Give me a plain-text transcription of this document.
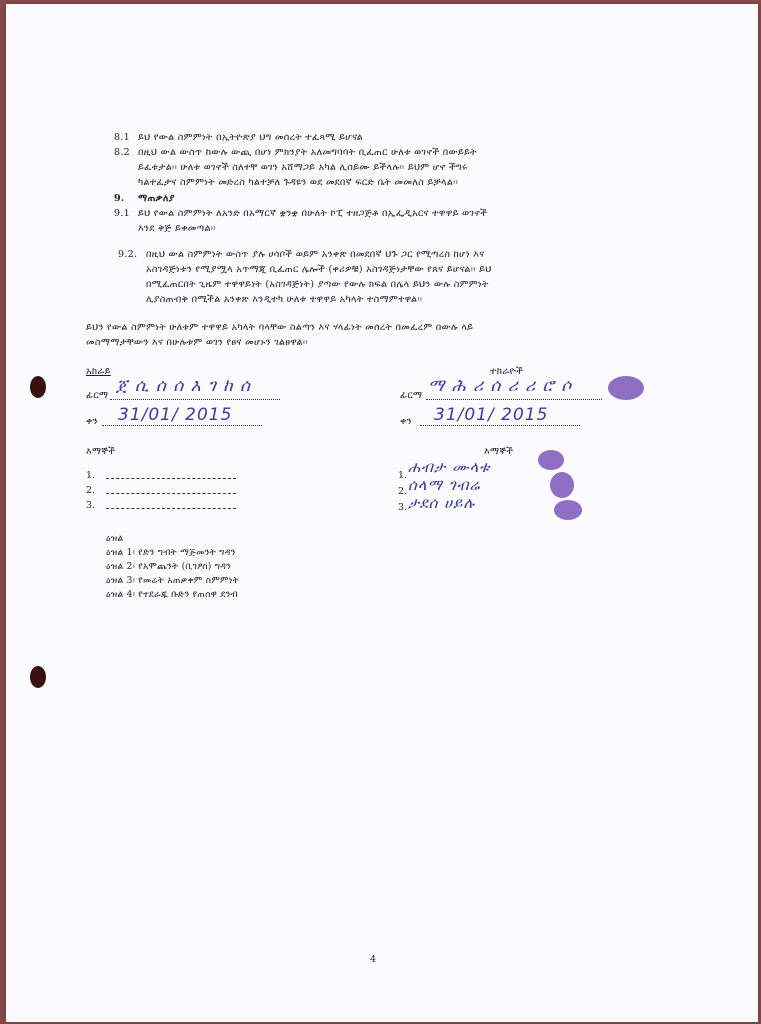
8.1 ይህ የውል ስምምነት በኢትዮጵያ ህግ መሰረት ተፈጻሚ ይሆናል
8.2 በዚህ ውል ውስጥ ከውሉ ውጪ በሆነ ምክንያት አለመግባባት ቢፈጠር ሁለቱ ወገኖች በውይይት
ይፈቱታል፡፡ ሁለቱ ወገኖች ስለተቸ ወገን አሸማጋይ አካል ሊሰይሙ ይችላሉ፡፡ ይህም ሆኖ ችግሩ
ካልተፈታና ስምምነት መድረስ ካልተቻለ ጉዳዩን ወደ መደበኛ ፍርድ ቤት መመለስ ይቻላል፡፡
9. ማጠቃለያ
9.1 ይህ የውል ስምምነት ለአንድ በአማርኛ ቋንቋ በሁለት ኮፒ ተዘጋጅቶ በኢፌዲአርና ተዋዋይ ወገኖች
እንደ ቅጅ ይቀመጣል፡፡
9.2. በዚህ ውል ስምምነት ውስጥ ያሉ ሀሳቦች ወይም አንቀጽ በመደበኛ ህጉ ጋር የሚጣረስ ከሆነ እና
አስገዳጅነቱን የሚያሟላ አጥማጂ ቢፈጠር ሌሎች (ቀሪዎቹ) አስገዳጅነታቸው የጸና ይሆናል፡፡ ይህ
በሚፈጠርበት ጊዜም ተዋዋይነት (አስገዳጅነት) ያጣው የውሉ ክፍል በሌላ ይህን ውሉ ስምምነት
ሊያስጠብቅ በሚችል አንቀጽ እንዲተካ ሁለቱ ተዋዋይ አካላት ተስማምተዋል፡፡
ይህን የውል ስምምነት ሁለቱም ተዋዋይ አካላት ባላቸው ስልጣን እና ሃላፊነት መሰረት በመፈረም በውሉ ላይ
መስማማታቸውን እና በሁሉቱም ወገን የፀና መሆኑን ገልፀዋል፡፡
አከራይ
ፊርማ ጀ ሲ ሰ ሰ እ ገ ከ ሰ
ቀን 31/01/ 2015
ተከራዮች
ፊርማ ማ ሕ ሪ ሰ ሪ ሪ ሮ ሶ
ቀን 31/01/ 2015
እማኞች
1.
2.
3.
እማኞች
1. ሐብታ ሙላቱ
2. ሰላማ ገብሬ
3. ታደሰ ሀይሉ
ዕዝል
ዕዝል 1፡ የድን ግብት ማጅመንት ግዳን
ዕዝል 2፡ የአሞጨንት (ቢገፆስ) ግዳን
ዕዝል 3፡ የመሬት አጠቃቀም ስምምነት
ዕዝል 4፡ የተደራጁ ቡድን የጠሰዋ ደንብ
4
